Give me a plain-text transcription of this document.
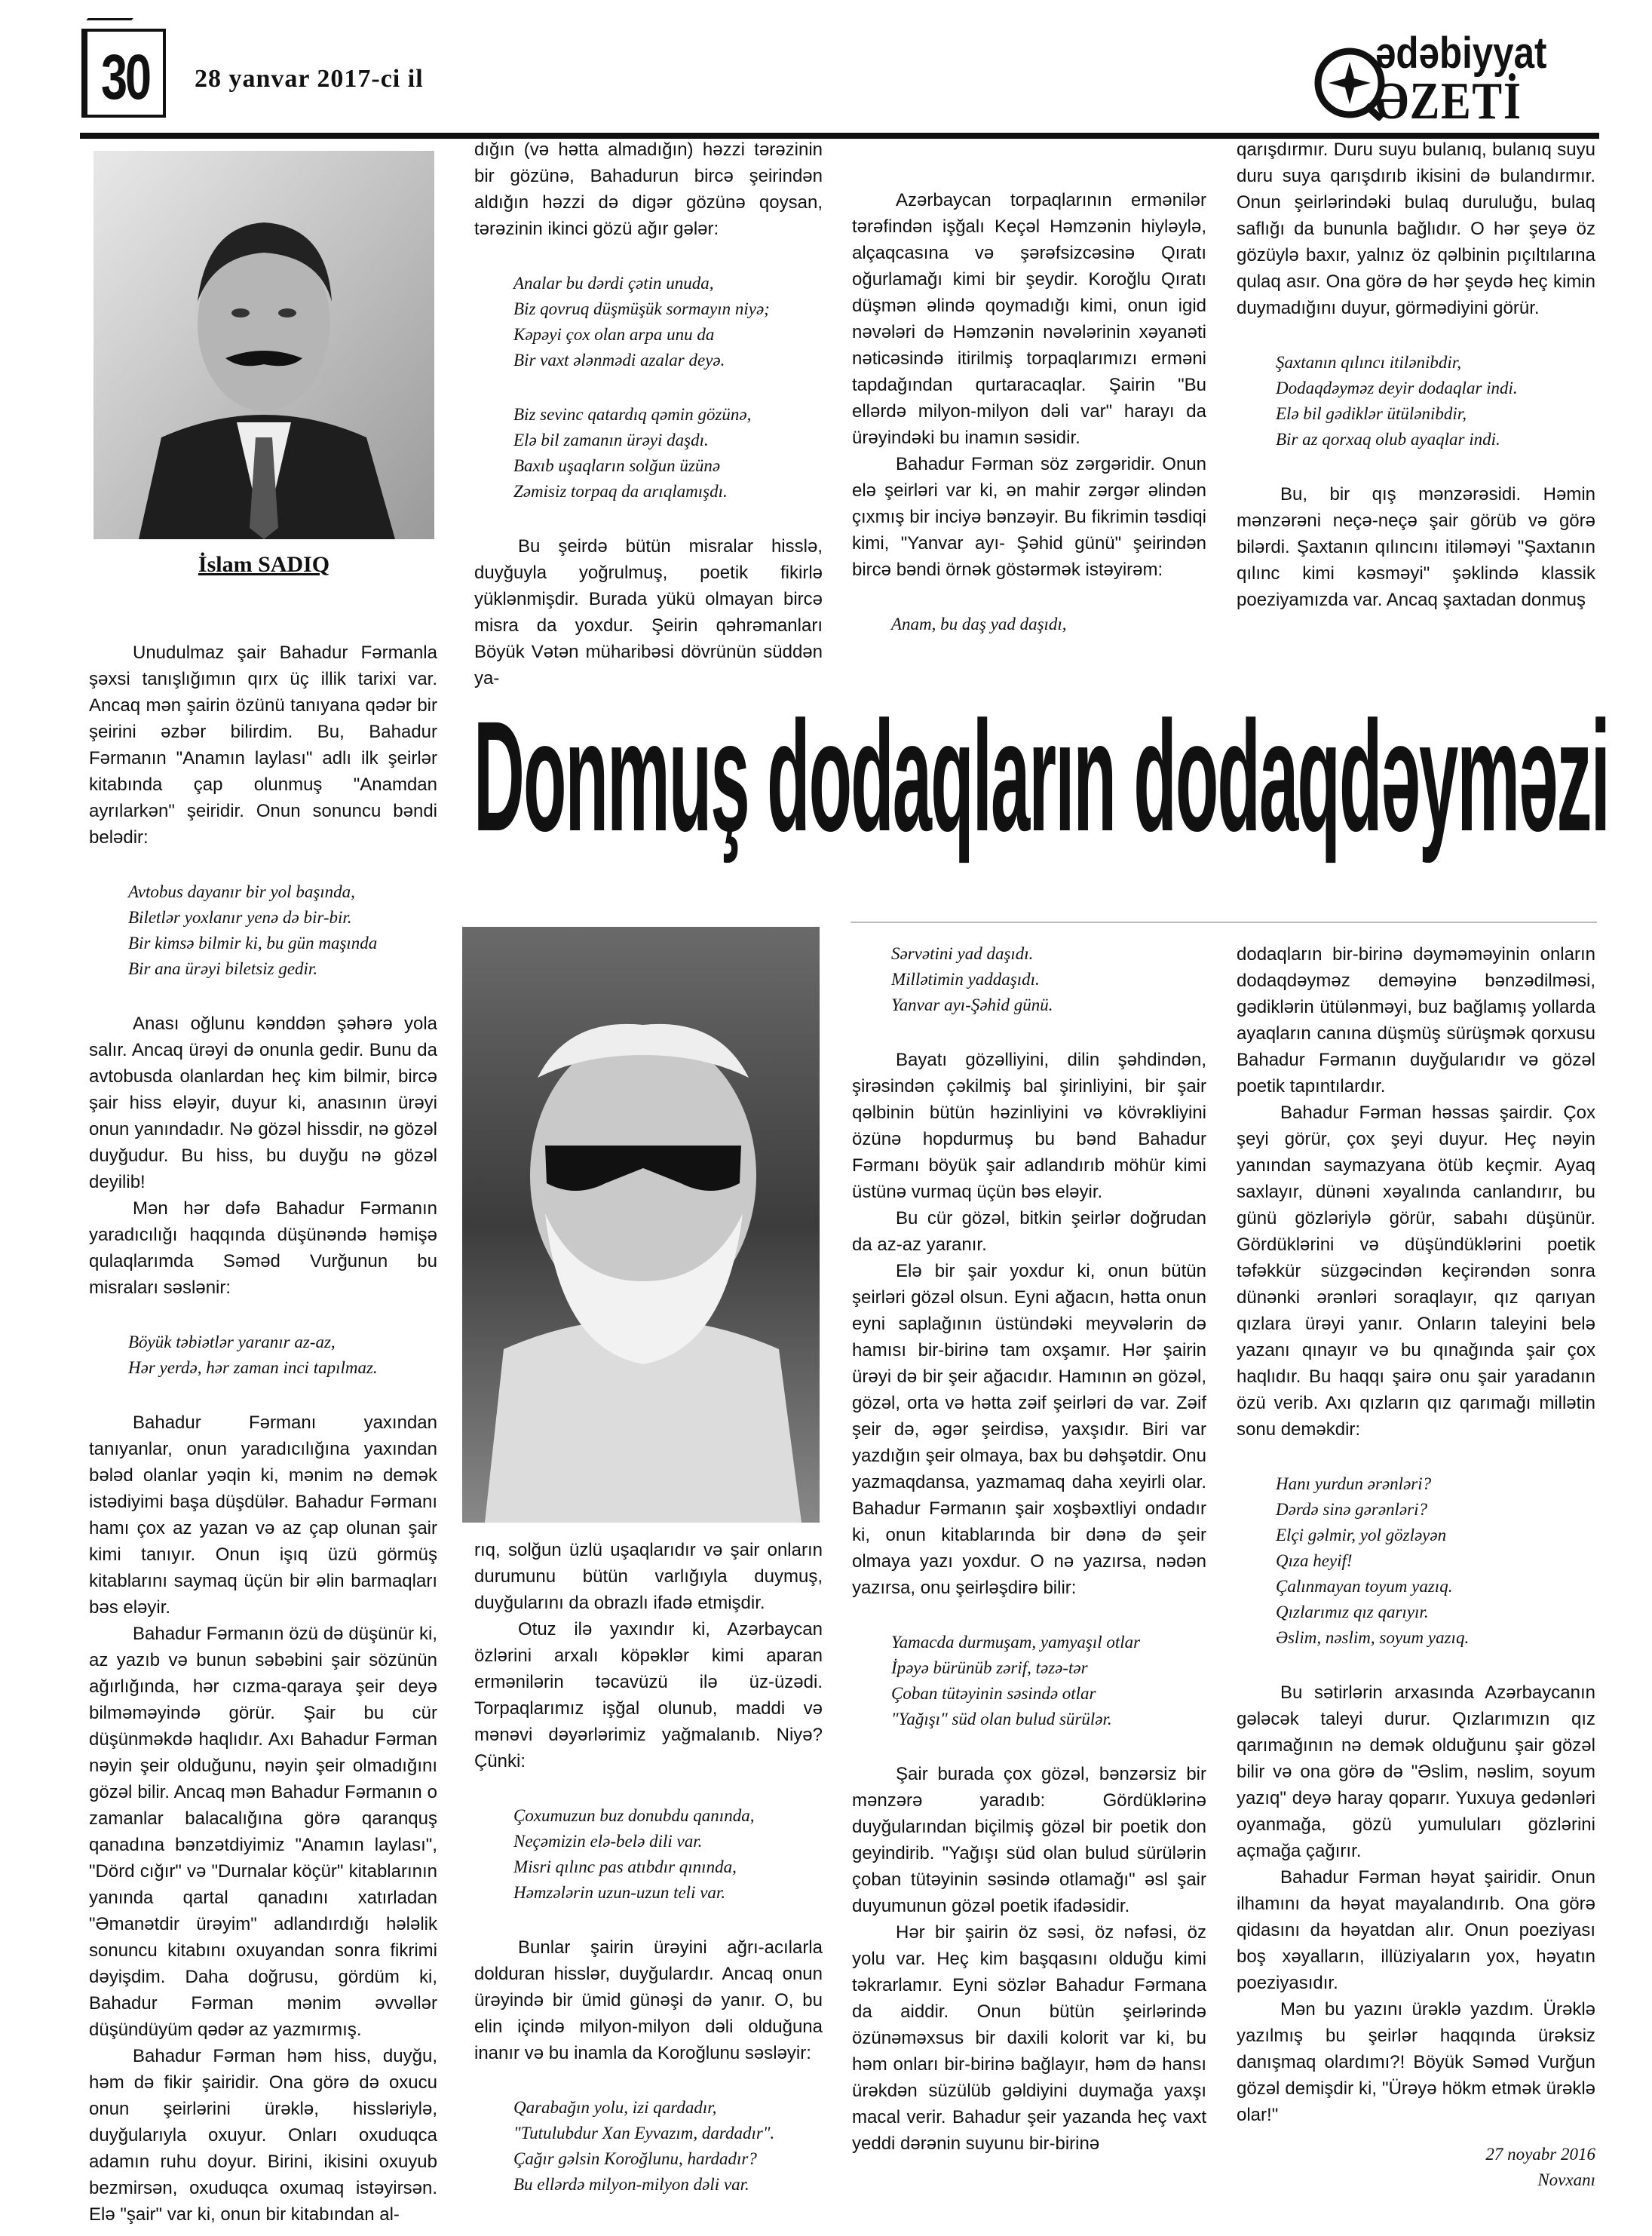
30 28 yanvar 2017-ci il
ədəbiyyat
ƏZETİ
İslam SADIQ

Unudulmaz şair Bahadur Fərmanla şəxsi tanışlığımın qırx üç illik tarixi var. Ancaq mən şairin özünü tanıyana qədər bir şeirini əzbər bilirdim. Bu, Bahadur Fərmanın "Anamın laylası" adlı ilk şeirlər kitabında çap olunmuş "Anamdan ayrılarkən" şeiridir. Onun sonuncu bəndi belədir:

Avtobus dayanır bir yol başında,
Biletlər yoxlanır yenə də bir-bir.
Bir kimsə bilmir ki, bu gün maşında
Bir ana ürəyi biletsiz gedir.

Anası oğlunu kənddən şəhərə yola salır. Ancaq ürəyi də onunla gedir. Bunu da avtobusda olanlardan heç kim bilmir, bircə şair hiss eləyir, duyur ki, anasının ürəyi onun yanındadır. Nə gözəl hissdir, nə gözəl duyğudur. Bu hiss, bu duyğu nə gözəl deyilib!

Mən hər dəfə Bahadur Fərmanın yaradıcılığı haqqında düşünəndə həmişə qulaqlarımda Səməd Vurğunun bu misraları səslənir:

Böyük təbiətlər yaranır az-az,
Hər yerdə, hər zaman inci tapılmaz.

Bahadur Fərmanı yaxından tanıyanlar, onun yaradıcılığına yaxından bələd olanlar yəqin ki, mənim nə demək istədiyimi başa düşdülər. Bahadur Fərmanı hamı çox az yazan və az çap olunan şair kimi tanıyır. Onun işıq üzü görmüş kitablarını saymaq üçün bir əlin barmaqları bəs eləyir.

Bahadur Fərmanın özü də düşünür ki, az yazıb və bunun səbəbini şair sözünün ağırlığında, hər cızma-qaraya şeir deyə bilməməyində görür. Şair bu cür düşünməkdə haqlıdır. Axı Bahadur Fərman nəyin şeir olduğunu, nəyin şeir olmadığını gözəl bilir. Ancaq mən Bahadur Fərmanın o zamanlar balacalığına görə qaranquş qanadına bənzətdiyimiz "Anamın laylası", "Dörd cığır" və "Durnalar köçür" kitablarının yanında qartal qanadını xatırladan "Əmanətdir ürəyim" adlandırdığı hələlik sonuncu kitabını oxuyandan sonra fikrimi dəyişdim. Daha doğrusu, gördüm ki, Bahadur Fərman mənim əvvəllər düşündüyüm qədər az yazmırmış.

Bahadur Fərman həm hiss, duyğu, həm də fikir şairidir. Ona görə də oxucu onun şeirlərini ürəklə, hissləriylə, duyğularıyla oxuyur. Onları oxuduqca adamın ruhu doyur. Birini, ikisini oxuyub bezmirsən, oxuduqca oxumaq istəyirsən. Elə "şair" var ki, onun bir kitabından al-

dığın (və hətta almadığın) həzzi tərəzinin bir gözünə, Bahadurun bircə şeirindən aldığın həzzi də digər gözünə qoysan, tərəzinin ikinci gözü ağır gələr:

Analar bu dərdi çətin unuda,
Biz qovruq düşmüşük sormayın niyə;
Kəpəyi çox olan arpa unu da
Bir vaxt ələnmədi azalar deyə.
Biz sevinc qatardıq qəmin gözünə,
Elə bil zamanın ürəyi daşdı.
Baxıb uşaqların solğun üzünə
Zəmisiz torpaq da arıqlamışdı.

Bu şeirdə bütün misralar hisslə, duyğuyla yoğrulmuş, poetik fikirlə yüklənmişdir. Burada yükü olmayan bircə misra da yoxdur. Şeirin qəhrəmanları Böyük Vətən müharibəsi dövrünün süddən ya-

Azərbaycan torpaqlarının ermənilər tərəfindən işğalı Keçəl Həmzənin hiyləylə, alçaqcasına və şərəfsizcəsinə Qıratı oğurlamağı kimi bir şeydir. Koroğlu Qıratı düşmən əlində qoymadığı kimi, onun igid nəvələri də Həmzənin nəvələrinin xəyanəti nəticəsində itirilmiş torpaqlarımızı erməni tapdağından qurtaracaqlar. Şairin "Bu ellərdə milyon-milyon dəli var" harayı da ürəyindəki bu inamın səsidir.

Bahadur Fərman söz zərgəridir. Onun elə şeirləri var ki, ən mahir zərgər əlindən çıxmış bir inciyə bənzəyir. Bu fikrimin təsdiqi kimi, "Yanvar ayı- Şəhid günü" şeirindən bircə bəndi örnək göstərmək istəyirəm:

Anam, bu daş yad daşıdı,

qarışdırmır. Duru suyu bulanıq, bulanıq suyu duru suya qarışdırıb ikisini də bulandırmır. Onun şeirlərindəki bulaq duruluğu, bulaq saflığı da bununla bağlıdır. O hər şeyə öz gözüylə baxır, yalnız öz qəlbinin pıçıltılarına qulaq asır. Ona görə də hər şeydə heç kimin duymadığını duyur, görmədiyini görür.

Şaxtanın qılıncı itilənibdir,
Dodaqdəyməz deyir dodaqlar indi.
Elə bil gədiklər ütülənibdir,
Bir az qorxaq olub ayaqlar indi.

Bu, bir qış mənzərəsidi. Həmin mənzərəni neçə-neçə şair görüb və görə bilərdi. Şaxtanın qılıncını itiləməyi "Şaxtanın qılınc kimi kəsməyi" şəklində klassik poeziyamızda var. Ancaq şaxtadan donmuş

Donmuş dodaqların dodaqdəyməzi

rıq, solğun üzlü uşaqlarıdır və şair onların durumunu bütün varlığıyla duymuş, duyğularını da obrazlı ifadə etmişdir.

Otuz ilə yaxındır ki, Azərbaycan özlərini arxalı köpəklər kimi aparan ermənilərin təcavüzü ilə üz-üzədi. Torpaqlarımız işğal olunub, maddi və mənəvi dəyərlərimiz yağmalanıb. Niyə? Çünki:

Çoxumuzun buz donubdu qanında,
Neçəmizin elə-belə dili var.
Misri qılınc pas atıbdır qınında,
Həmzələrin uzun-uzun teli var.

Bunlar şairin ürəyini ağrı-acılarla dolduran hisslər, duyğulardır. Ancaq onun ürəyində bir ümid günəşi də yanır. O, bu elin içində milyon-milyon dəli olduğuna inanır və bu inamla da Koroğlunu səsləyir:

Qarabağın yolu, izi qardadır,
"Tutulubdur Xan Eyvazım, dardadır".
Çağır gəlsin Koroğlunu, hardadır?
Bu ellərdə milyon-milyon dəli var.
Sərvətini yad daşıdı.
Millətimin yaddaşıdı.
Yanvar ayı-Şəhid günü.

Bayatı gözəlliyini, dilin şəhdindən, şirəsindən çəkilmiş bal şirinliyini, bir şair qəlbinin bütün həzinliyini və kövrəkliyini özünə hopdurmuş bu bənd Bahadur Fərmanı böyük şair adlandırıb möhür kimi üstünə vurmaq üçün bəs eləyir.

Bu cür gözəl, bitkin şeirlər doğrudan da az-az yaranır.

Elə bir şair yoxdur ki, onun bütün şeirləri gözəl olsun. Eyni ağacın, hətta onun eyni saplağının üstündəki meyvələrin də hamısı bir-birinə tam oxşamır. Hər şairin ürəyi də bir şeir ağacıdır. Hamının ən gözəl, gözəl, orta və hətta zəif şeirləri də var. Zəif şeir də, əgər şeirdisə, yaxşıdır. Biri var yazdığın şeir olmaya, bax bu dəhşətdir. Onu yazmaqdansa, yazmamaq daha xeyirli olar. Bahadur Fərmanın şair xoşbəxtliyi ondadır ki, onun kitablarında bir dənə də şeir olmaya yazı yoxdur. O nə yazırsa, nədən yazırsa, onu şeirləşdirə bilir:

Yamacda durmuşam, yamyaşıl otlar
İpəyə bürünüb zərif, təzə-tər
Çoban tütəyinin səsində otlar
"Yağışı" süd olan bulud sürülər.

Şair burada çox gözəl, bənzərsiz bir mənzərə yaradıb: Gördüklərinə duyğularından biçilmiş gözəl bir poetik don geyindirib. "Yağışı süd olan bulud sürülərin çoban tütəyinin səsində otlamağı" əsl şair duyumunun gözəl poetik ifadəsidir.

Hər bir şairin öz səsi, öz nəfəsi, öz yolu var. Heç kim başqasını olduğu kimi təkrarlamır. Eyni sözlər Bahadur Fərmana da aiddir. Onun bütün şeirlərində özünəməxsus bir daxili kolorit var ki, bu həm onları bir-birinə bağlayır, həm də hansı ürəkdən süzülüb gəldiyini duymağa yaxşı macal verir. Bahadur şeir yazanda heç vaxt yeddi dərənin suyunu bir-birinə

dodaqların bir-birinə dəyməməyinin onların dodaqdəyməz deməyinə bənzədilməsi, gədiklərin ütülənməyi, buz bağlamış yollarda ayaqların canına düşmüş sürüşmək qorxusu Bahadur Fərmanın duyğularıdır və gözəl poetik tapıntılardır.

Bahadur Fərman həssas şairdir. Çox şeyi görür, çox şeyi duyur. Heç nəyin yanından saymazyana ötüb keçmir. Ayaq saxlayır, dünəni xəyalında canlandırır, bu günü gözləriylə görür, sabahı düşünür. Gördüklərini və düşündüklərini poetik təfəkkür süzgəcindən keçirəndən sonra dünənki ərənləri soraqlayır, qız qarıyan qızlara ürəyi yanır. Onların taleyini belə yazanı qınayır və bu qınağında şair çox haqlıdır. Bu haqqı şairə onu şair yaradanın özü verib. Axı qızların qız qarımağı millətin sonu deməkdir:

Hanı yurdun ərənləri?
Dərdə sinə gərənləri?
Elçi gəlmir, yol gözləyən
Qıza heyif!
Çalınmayan toyum yazıq.
Qızlarımız qız qarıyır.
Əslim, nəslim, soyum yazıq.

Bu sətirlərin arxasında Azərbaycanın gələcək taleyi durur. Qızlarımızın qız qarımağının nə demək olduğunu şair gözəl bilir və ona görə də "Əslim, nəslim, soyum yazıq" deyə haray qoparır. Yuxuya gedənləri oyanmağa, gözü yumuluları gözlərini açmağa çağırır.

Bahadur Fərman həyat şairidir. Onun ilhamını da həyat mayalandırıb. Ona görə qidasını da həyatdan alır. Onun poeziyası boş xəyalların, illüziyaların yox, həyatın poeziyasıdır.

Mən bu yazını ürəklə yazdım. Ürəklə yazılmış bu şeirlər haqqında ürəksiz danışmaq olardımı?! Böyük Səməd Vurğun gözəl demişdir ki, "Ürəyə hökm etmək ürəklə olar!"

27 noyabr 2016
Novxanı
